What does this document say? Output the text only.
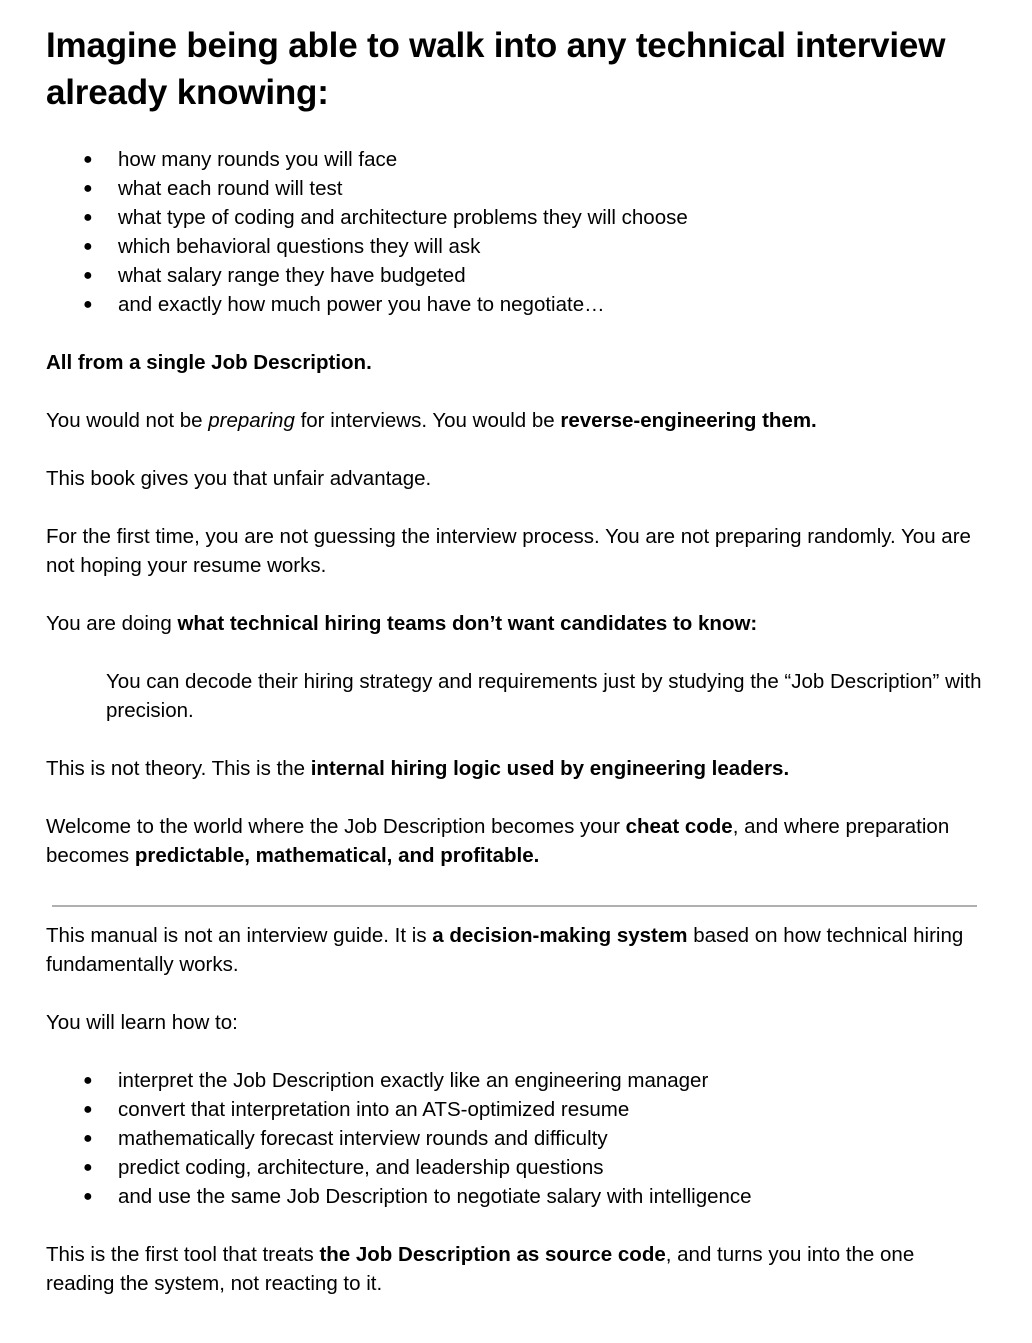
Imagine being able to walk into any technical interview already knowing:
● how many rounds you will face
● what each round will test
● what type of coding and architecture problems they will choose
● which behavioral questions they will ask
● what salary range they have budgeted
● and exactly how much power you have to negotiate…

All from a single Job Description.

You would not be preparing for interviews. You would be reverse-engineering them.

This book gives you that unfair advantage.

For the first time, you are not guessing the interview process. You are not preparing randomly. You are not hoping your resume works.

You are doing what technical hiring teams don’t want candidates to know:

You can decode their hiring strategy and requirements just by studying the “Job Description” with precision.

This is not theory. This is the internal hiring logic used by engineering leaders.

Welcome to the world where the Job Description becomes your cheat code, and where preparation becomes predictable, mathematical, and profitable.

This manual is not an interview guide. It is a decision-making system based on how technical hiring fundamentally works.

You will learn how to:

● interpret the Job Description exactly like an engineering manager
● convert that interpretation into an ATS-optimized resume
● mathematically forecast interview rounds and difficulty
● predict coding, architecture, and leadership questions
● and use the same Job Description to negotiate salary with intelligence

This is the first tool that treats the Job Description as source code, and turns you into the one reading the system, not reacting to it.
